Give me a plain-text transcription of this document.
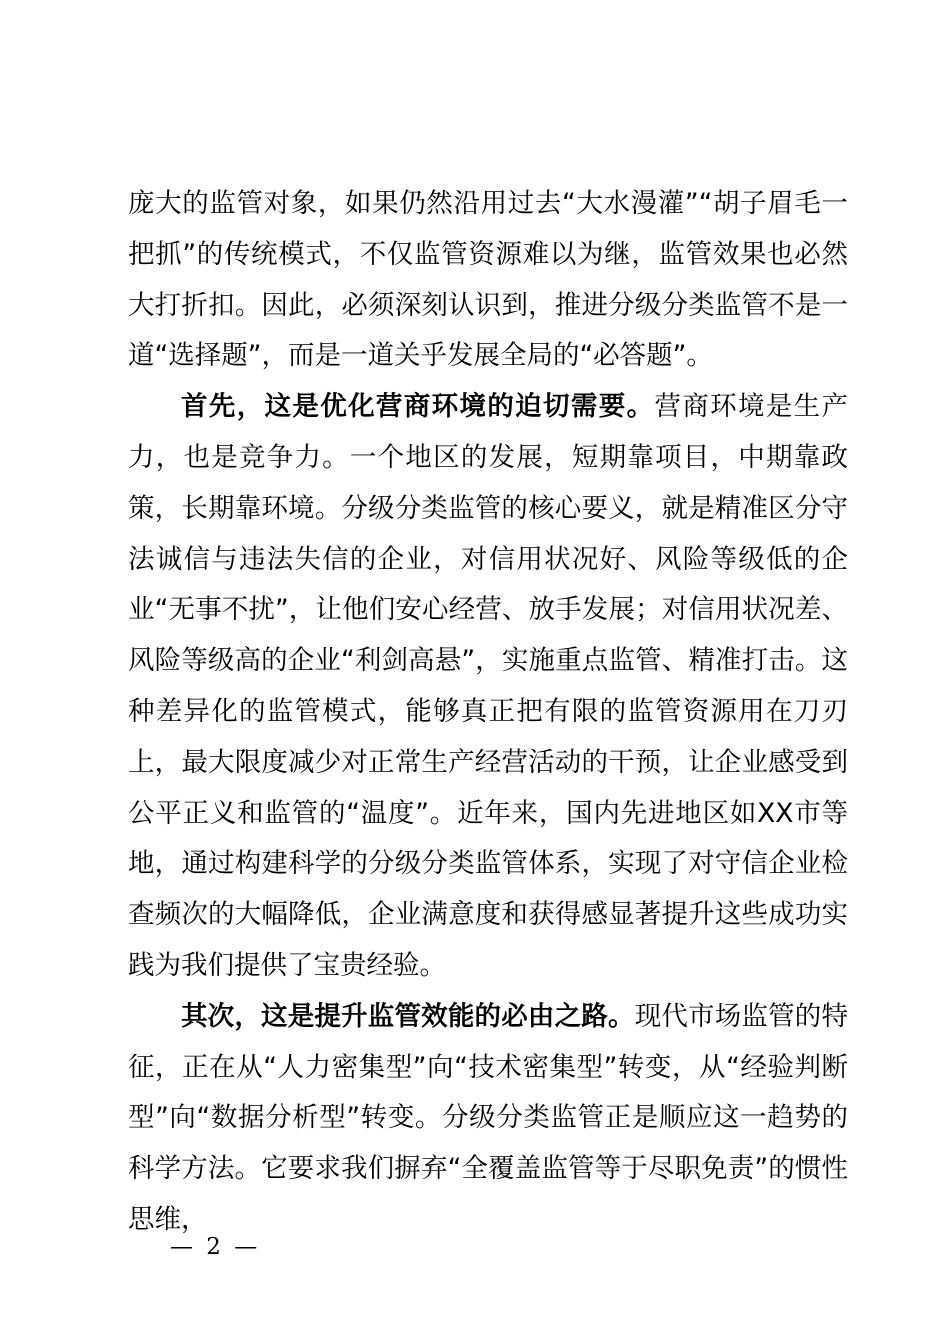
庞大的监管对象，如果仍然沿用过去“大水漫灌”“胡子眉毛一把抓”的传统模式，不仅监管资源难以为继，监管效果也必然大打折扣。因此，必须深刻认识到，推进分级分类监管不是一道“选择题”，而是一道关乎发展全局的“必答题”。

首先，这是优化营商环境的迫切需要。营商环境是生产力，也是竞争力。一个地区的发展，短期靠项目，中期靠政策，长期靠环境。分级分类监管的核心要义，就是精准区分守法诚信与违法失信的企业，对信用状况好、风险等级低的企业“无事不扰”，让他们安心经营、放手发展；对信用状况差、风险等级高的企业“利剑高悬”，实施重点监管、精准打击。这种差异化的监管模式，能够真正把有限的监管资源用在刀刃上，最大限度减少对正常生产经营活动的干预，让企业感受到公平正义和监管的“温度”。近年来，国内先进地区如XX市等地，通过构建科学的分级分类监管体系，实现了对守信企业检查频次的大幅降低，企业满意度和获得感显著提升这些成功实践为我们提供了宝贵经验。

其次，这是提升监管效能的必由之路。现代市场监管的特征，正在从“人力密集型”向“技术密集型”转变，从“经验判断型”向“数据分析型”转变。分级分类监管正是顺应这一趋势的科学方法。它要求我们摒弃“全覆盖监管等于尽职免责”的惯性思维，

— 2 —
